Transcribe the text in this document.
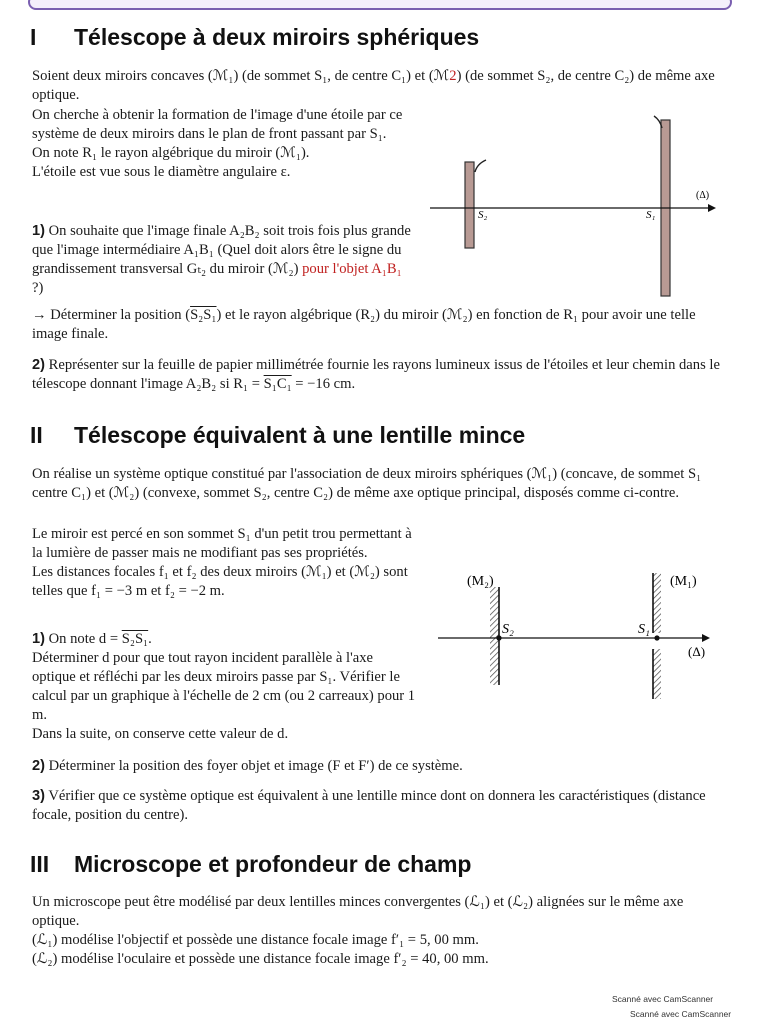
I Télescope à deux miroirs sphériques

Soient deux miroirs concaves (ℳ₁) (de sommet S₁, de centre C₁) et (ℳ2) (de sommet S₂, de centre C₂) de même axe optique.

On cherche à obtenir la formation de l'image d'une étoile par ce système de deux miroirs dans le plan de front passant par S₁.

On note R₁ le rayon algébrique du miroir (ℳ₁).

L'étoile est vue sous le diamètre angulaire ε.

1) On souhaite que l'image finale A₂B₂ soit trois fois plus grande que l'image intermédiaire A₁B₁ (Quel doit alors être le signe du grandissement transversal Gₜ₂ du miroir (ℳ₂) pour l'objet A₁B₁ ?)

→ Déterminer la position (S₂S₁) et le rayon algébrique (R₂) du miroir (ℳ₂) en fonction de R₁ pour avoir une telle image finale.

2) Représenter sur la feuille de papier millimétrée fournie les rayons lumineux issus de l'étoiles et leur chemin dans le télescope donnant l'image A₂B₂ si R₁ = S₁C₁ = −16 cm.

S₂	S₁
(Δ)
II Télescope équivalent à une lentille mince

On réalise un système optique constitué par l'association de deux miroirs sphériques (ℳ₁) (concave, de sommet S₁ centre C₁) et (ℳ₂) (convexe, sommet S₂, centre C₂) de même axe optique principal, disposés comme ci-contre.

Le miroir est percé en son sommet S₁ d'un petit trou permettant à la lumière de passer mais ne modifiant pas ses propriétés.

Les distances focales f₁ et f₂ des deux miroirs (ℳ₁) et (ℳ₂) sont telles que f₁ = −3 m et f₂ = −2 m.

1) On note d = S₂S₁.

Déterminer d pour que tout rayon incident parallèle à l'axe optique et réfléchi par les deux miroirs passe par S₁. Vérifier le calcul par un graphique à l'échelle de 2 cm (ou 2 carreaux) pour 1 m.

Dans la suite, on conserve cette valeur de d.

2) Déterminer la position des foyer objet et image (F et F′) de ce système.

3) Vérifier que ce système optique est équivalent à une lentille mince dont on donnera les caractéristiques (distance focale, position du centre).

(M₂)	(M₁)
S₂	S₁
(Δ)
III Microscope et profondeur de champ

Un microscope peut être modélisé par deux lentilles minces convergentes (ℒ₁) et (ℒ₂) alignées sur le même axe optique.

(ℒ₁) modélise l'objectif et possède une distance focale image f′₁ = 5, 00 mm.

(ℒ₂) modélise l'oculaire et possède une distance focale image f′₂ = 40, 00 mm.

Scanné avec CamScanner
Scanné avec CamScanner
